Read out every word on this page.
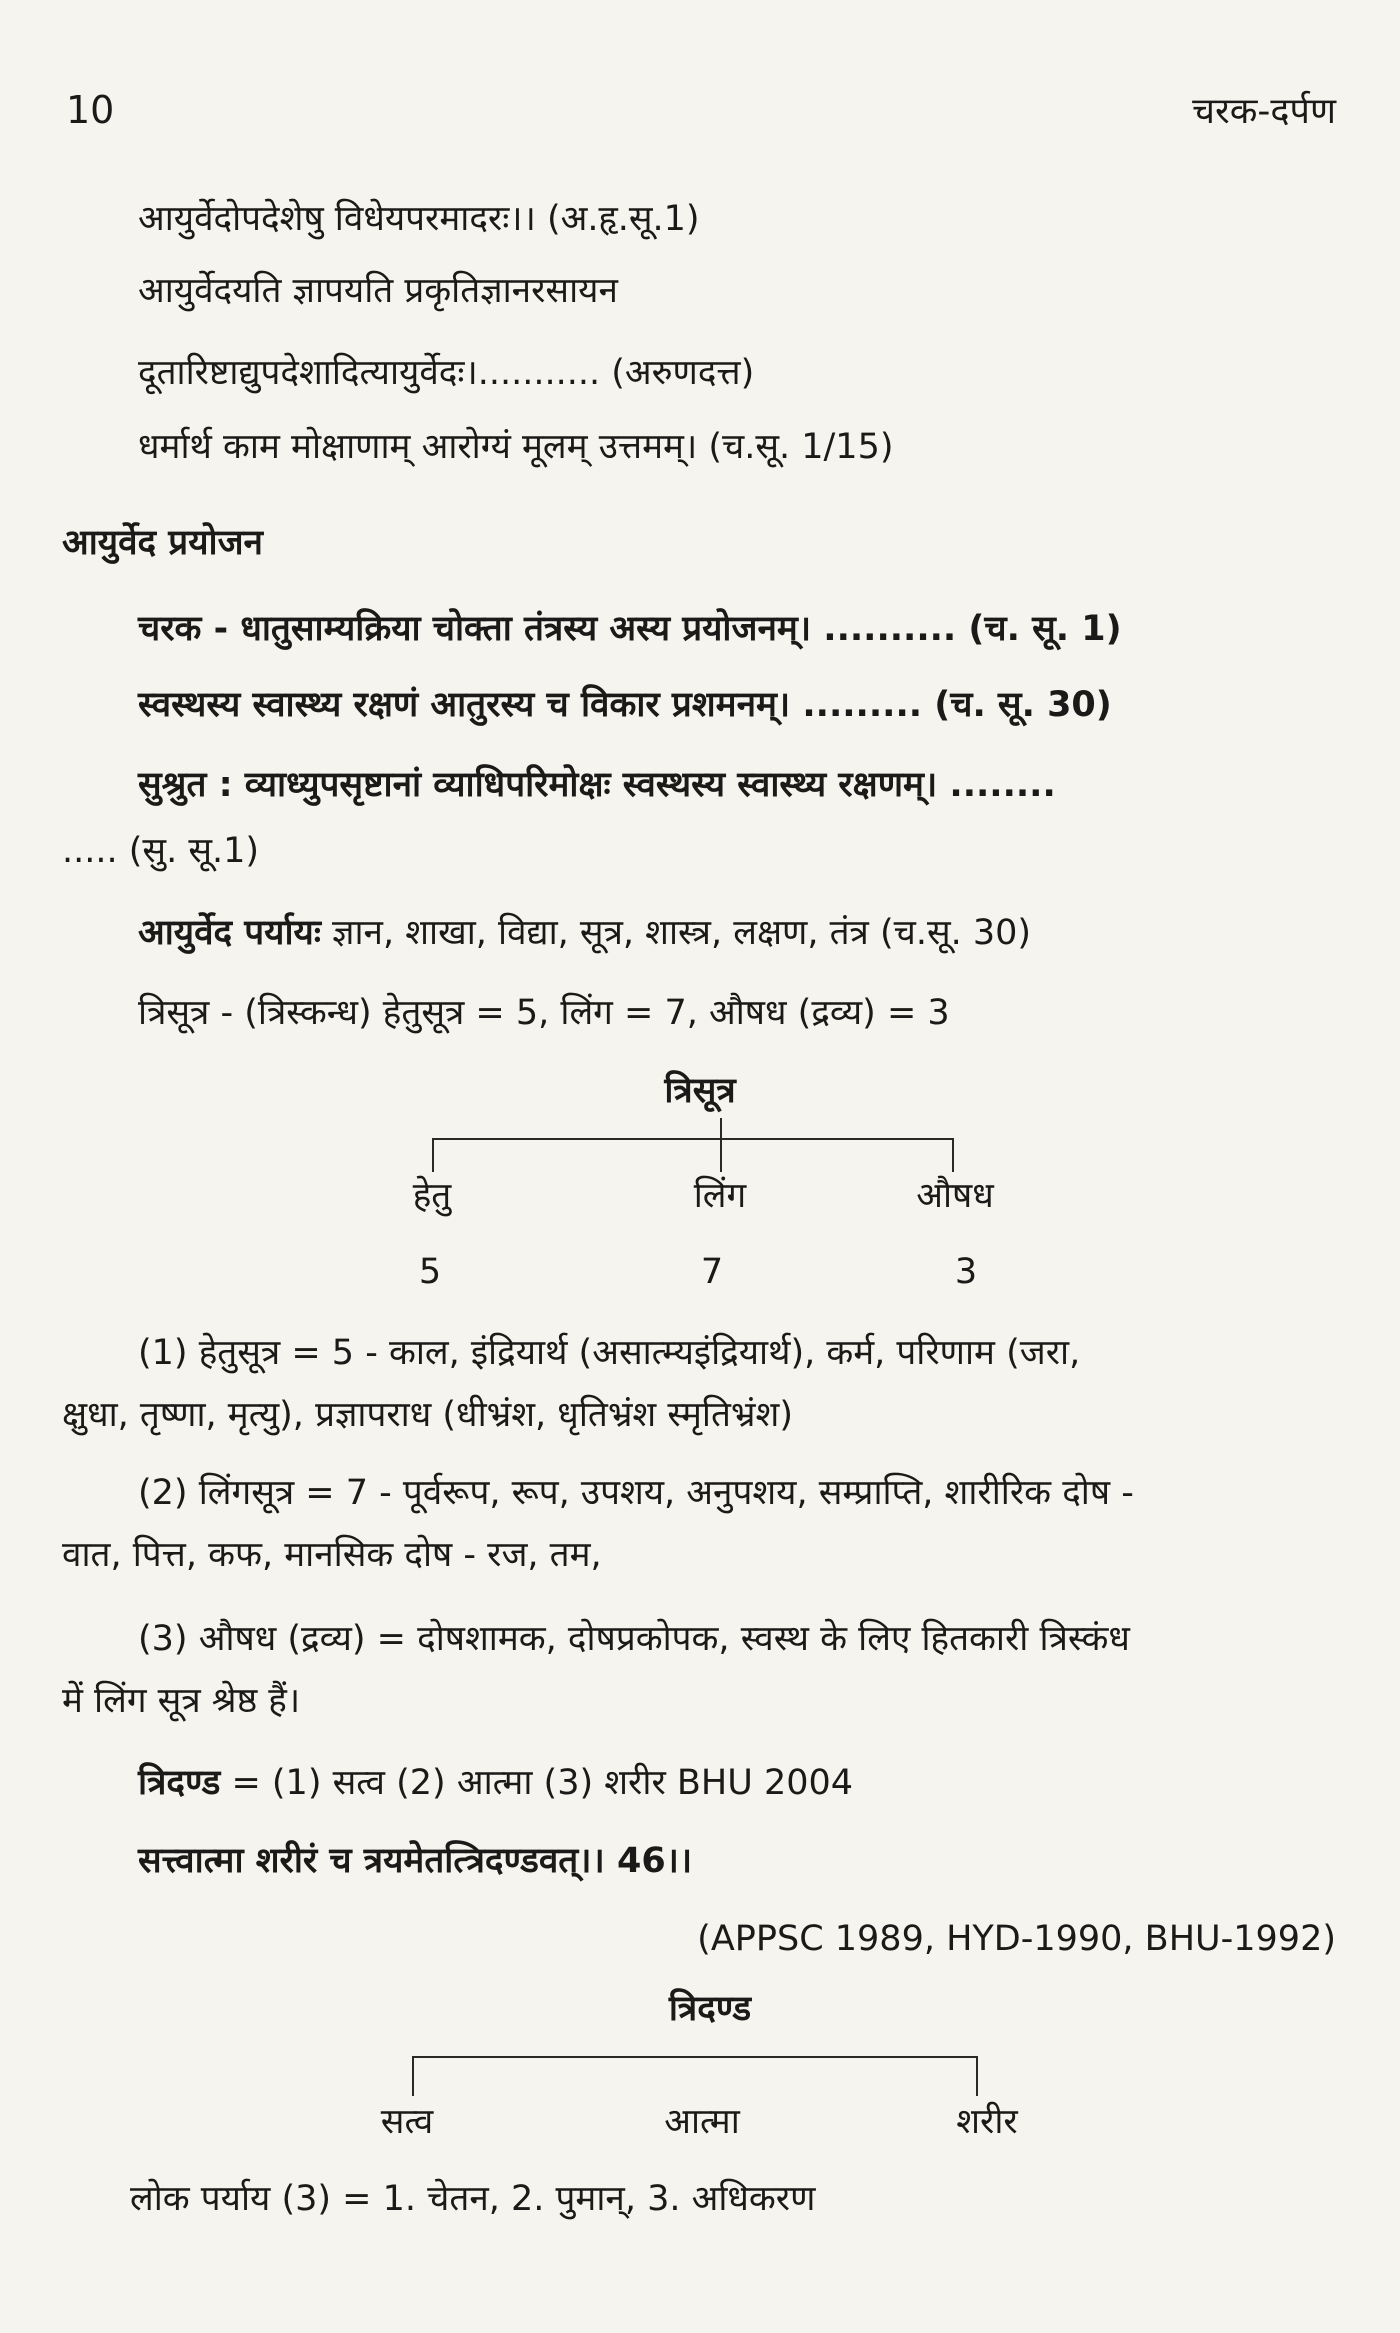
10	चरक-दर्पण
आयुर्वेदोपदेशेषु विधेयपरमादरः।। (अ.हृ.सू.1)
आयुर्वेदयति ज्ञापयति प्रकृतिज्ञानरसायन
दूतारिष्टाद्युपदेशादित्यायुर्वेदः।........... (अरुणदत्त)
धर्मार्थ काम मोक्षाणाम् आरोग्यं मूलम् उत्तमम्। (च.सू. 1/15)
आयुर्वेद प्रयोजन
चरक - धातुसाम्यक्रिया चोक्ता तंत्रस्य अस्य प्रयोजनम्। .......... (च. सू. 1)
स्वस्थस्य स्वास्थ्य रक्षणं आतुरस्य च विकार प्रशमनम्। ......... (च. सू. 30)
सुश्रुत : व्याध्युपसृष्टानां व्याधिपरिमोक्षः स्वस्थस्य स्वास्थ्य रक्षणम्। ........
..... (सु. सू.1)
आयुर्वेद पर्यायः ज्ञान, शाखा, विद्या, सूत्र, शास्त्र, लक्षण, तंत्र (च.सू. 30)
त्रिसूत्र - (त्रिस्कन्ध) हेतुसूत्र = 5, लिंग = 7, औषध (द्रव्य) = 3
त्रिसूत्र
हेतु	लिंग	औषध
5	7	3
(1) हेतुसूत्र = 5 - काल, इंद्रियार्थ (असात्म्यइंद्रियार्थ), कर्म, परिणाम (जरा,
क्षुधा, तृष्णा, मृत्यु), प्रज्ञापराध (धीभ्रंश, धृतिभ्रंश स्मृतिभ्रंश)
(2) लिंगसूत्र = 7 - पूर्वरूप, रूप, उपशय, अनुपशय, सम्प्राप्ति, शारीरिक दोष -
वात, पित्त, कफ, मानसिक दोष - रज, तम,
(3) औषध (द्रव्य) = दोषशामक, दोषप्रकोपक, स्वस्थ के लिए हितकारी त्रिस्कंध
में लिंग सूत्र श्रेष्ठ हैं।
त्रिदण्ड = (1) सत्व (2) आत्मा (3) शरीर BHU 2004
सत्त्वात्मा शरीरं च त्रयमेतत्त्रिदण्डवत्।। 46।।
(APPSC 1989, HYD-1990, BHU-1992)
त्रिदण्ड
सत्व	आत्मा	शरीर
लोक पर्याय (3) = 1. चेतन, 2. पुमान्, 3. अधिकरण
